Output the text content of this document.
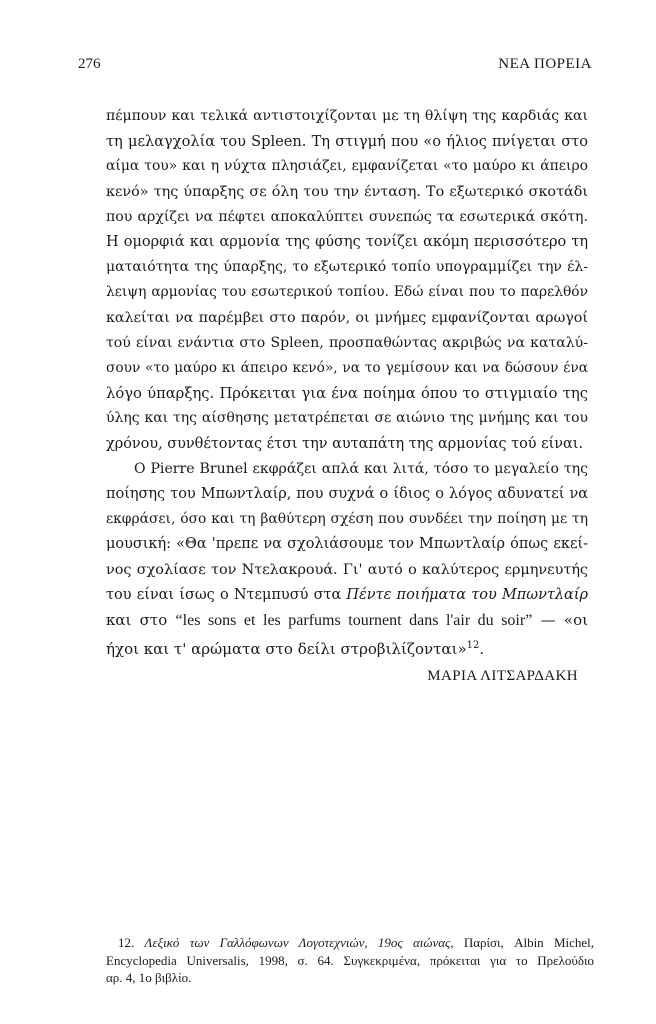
276	ΝΕΑ ΠΟΡΕΙΑ

πέμπουν και τελικά αντιστοιχίζονται με τη θλίψη της καρδιάς και
τη μελαγχολία του Spleen. Τη στιγμή που «ο ήλιος πνίγεται στο
αίμα του» και η νύχτα πλησιάζει, εμφανίζεται «το μαύρο κι άπειρο
κενό» της ύπαρξης σε όλη του την ένταση. Το εξωτερικό σκοτάδι
που αρχίζει να πέφτει αποκαλύπτει συνεπώς τα εσωτερικά σκότη.
Η ομορφιά και αρμονία της φύσης τονίζει ακόμη περισσότερο τη
ματαιότητα της ύπαρξης, το εξωτερικό τοπίο υπογραμμίζει την έλ-
λειψη αρμονίας του εσωτερικού τοπίου. Εδώ είναι που το παρελθόν
καλείται να παρέμβει στο παρόν, οι μνήμες εμφανίζονται αρωγοί
τού είναι ενάντια στο Spleen, προσπαθώντας ακριβώς να καταλύ-
σουν «το μαύρο κι άπειρο κενό», να το γεμίσουν και να δώσουν ένα
λόγο ύπαρξης. Πρόκειται για ένα ποίημα όπου το στιγμιαίο της
ύλης και της αίσθησης μετατρέπεται σε αιώνιο της μνήμης και του
χρόνου, συνθέτοντας έτσι την αυταπάτη της αρμονίας τού είναι.

Ο Pierre Brunel εκφράζει απλά και λιτά, τόσο το μεγαλείο της
ποίησης του Μπωντλαίρ, που συχνά ο ίδιος ο λόγος αδυνατεί να
εκφράσει, όσο και τη βαθύτερη σχέση που συνδέει την ποίηση με τη
μουσική: «Θα 'πρεπε να σχολιάσουμε τον Μπωντλαίρ όπως εκεί-
νος σχολίασε τον Ντελακρουά. Γι' αυτό ο καλύτερος ερμηνευτής
του είναι ίσως ο Ντεμπυσύ στα Πέντε ποιήματα του Μπωντλαίρ
και στο “les sons et les parfums tournent dans l'air du soir” — «οι
ήχοι και τ' αρώματα στο δείλι στροβιλίζονται»$^{12}$.

ΜΑΡΙΑ ΛΙΤΣΑΡΔΑΚΗ
12. Λεξικό των Γαλλόφωνων Λογοτεχνιών, 19ος αιώνας, Παρίσι, Albin Michel,
Encyclopedia Universalis, 1998, σ. 64. Συγκεκριμένα, πρόκειται για το Πρελούδιο
αρ. 4, 1ο βιβλίο.
